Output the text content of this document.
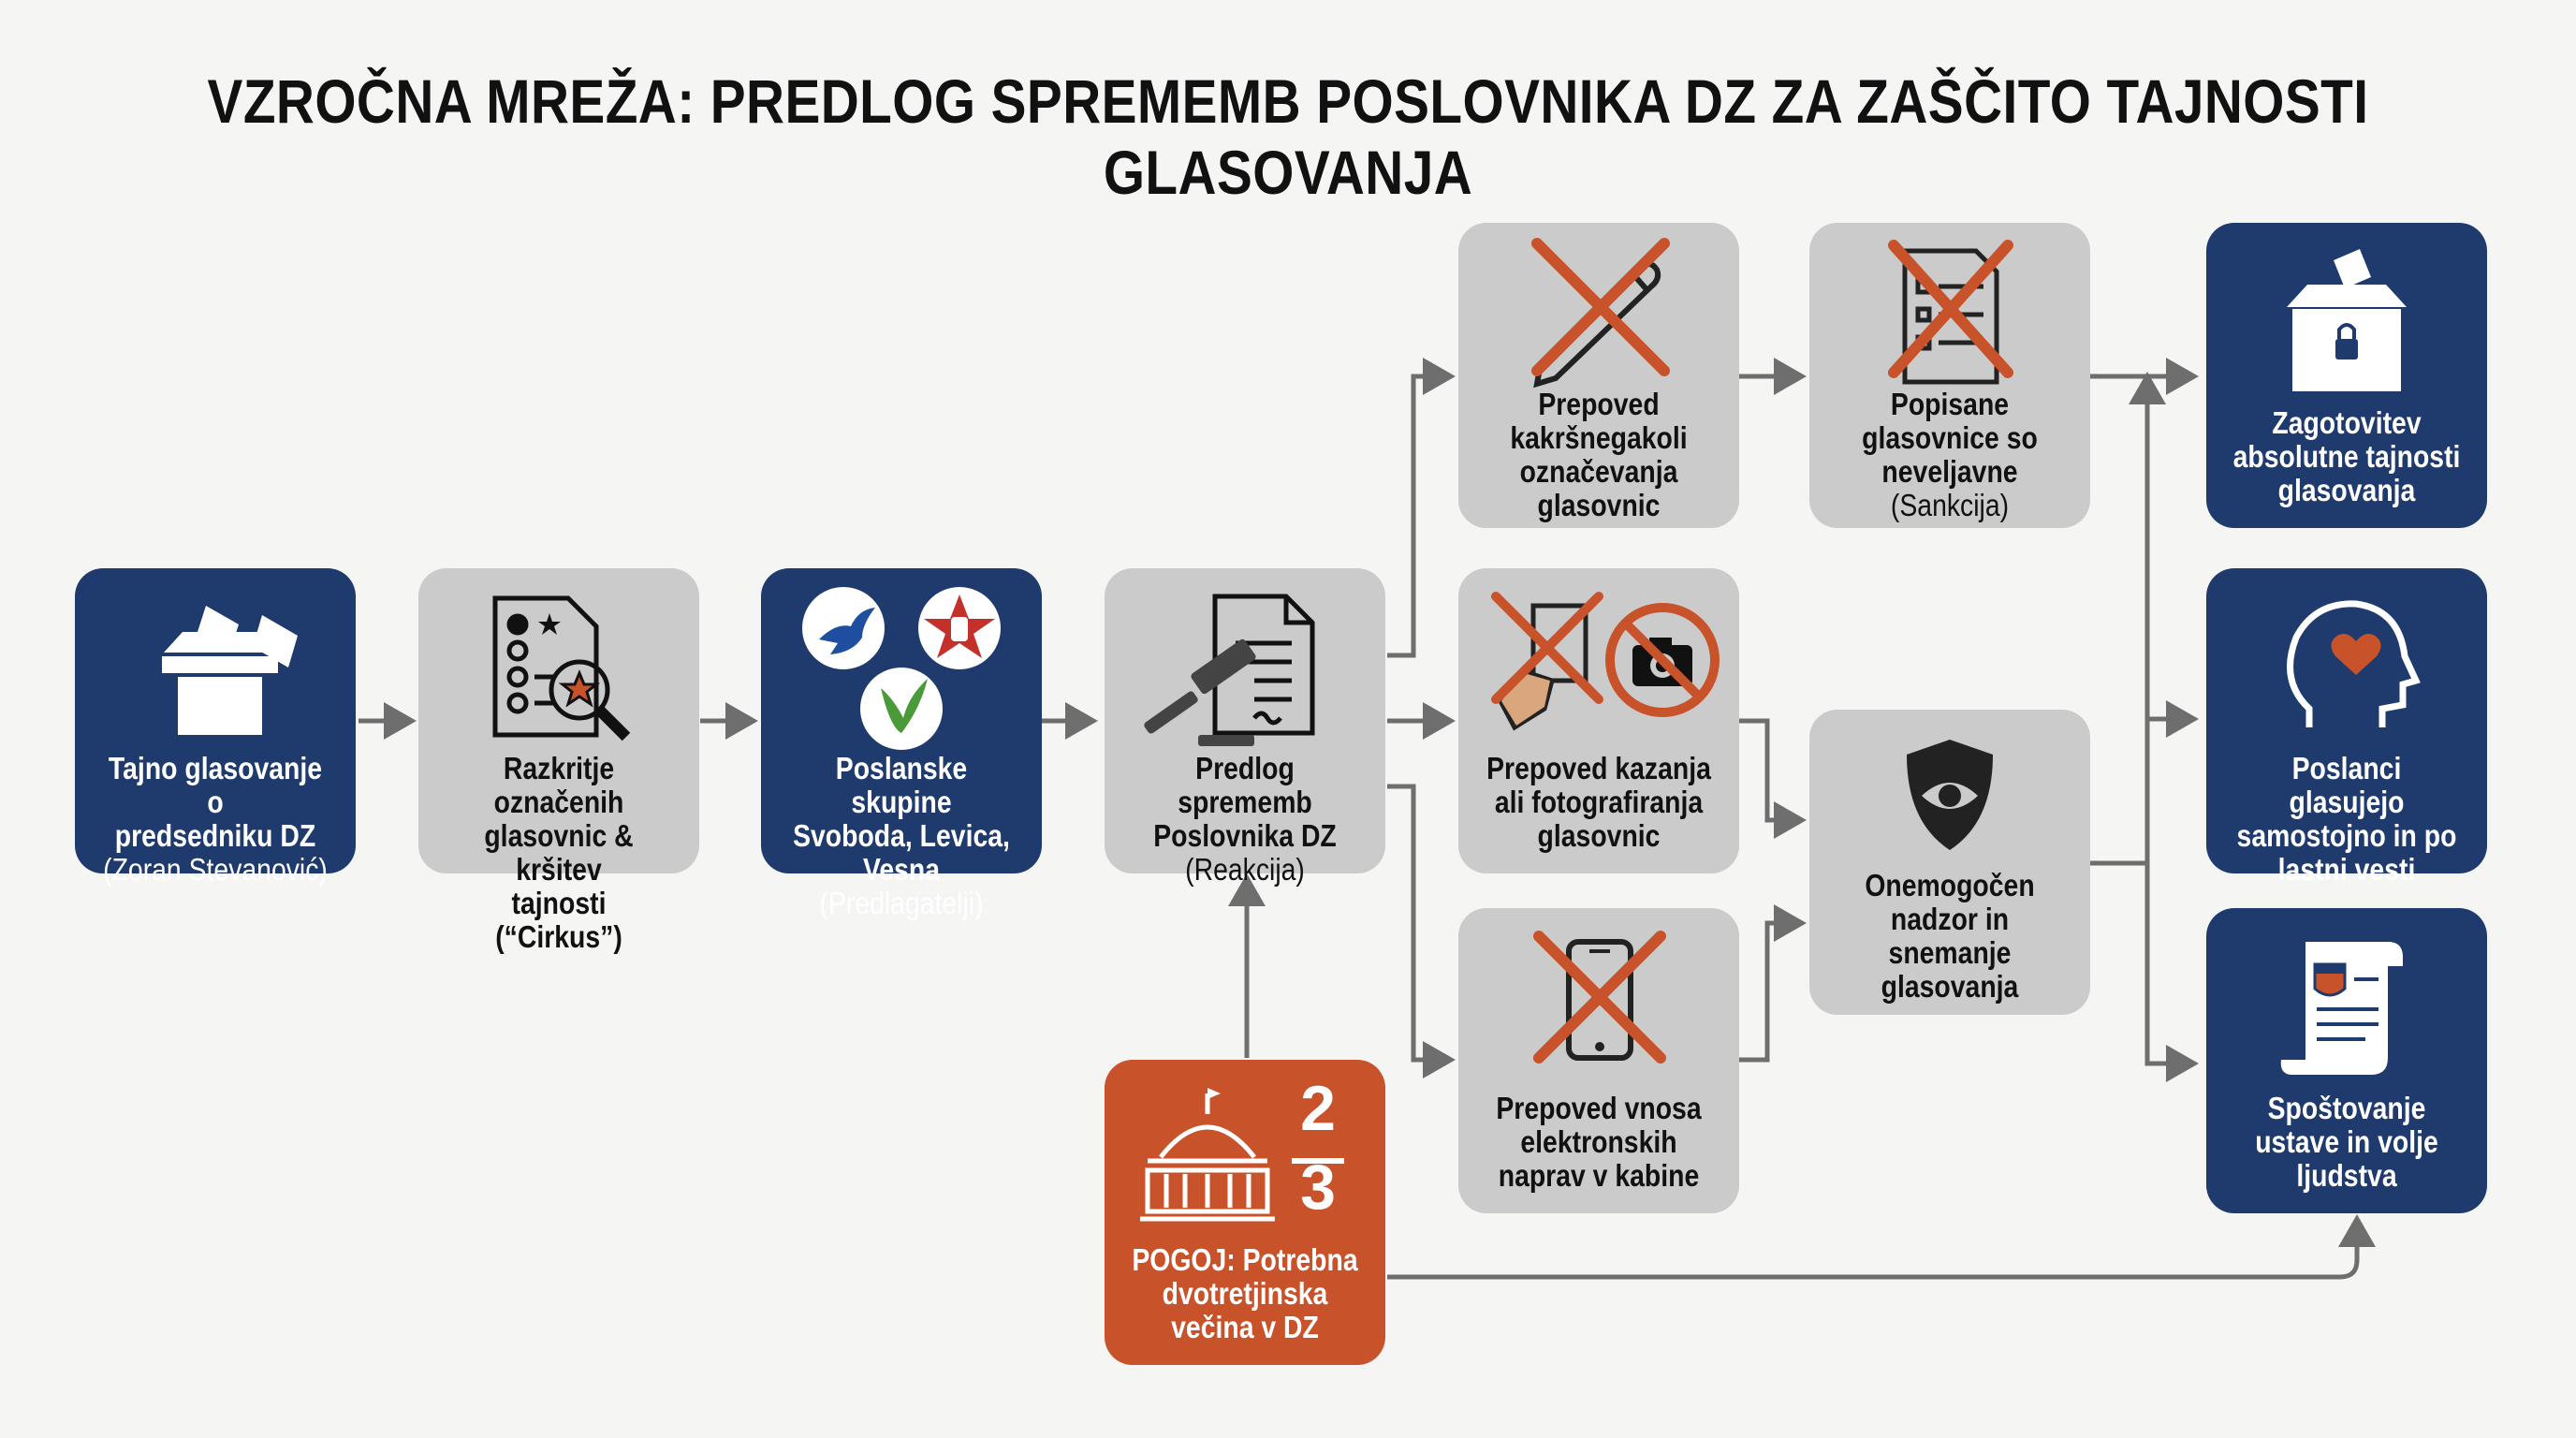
VZROČNA MREŽA: PREDLOG SPREMEMB POSLOVNIKA DZ ZA ZAŠČITO TAJNOSTI GLASOVANJA
Tajno glasovanje o
predsedniku DZ
(Zoran Stevanović)
Razkritje označenih
glasovnic & kršitev
tajnosti (“Cirkus”)
Poslanske skupine
Svoboda, Levica,
Vesna (Predlagatelji)
Predlog sprememb
Poslovnika DZ
(Reakcija)
2
3
POGOJ: Potrebna
dvotretjinska
večina v DZ
Prepoved
kakršnegakoli
označevanja
glasovnic
Prepoved kazanja
ali fotografiranja
glasovnic
Prepoved vnosa
elektronskih
naprav v kabine
Popisane
glasovnice so
neveljavne
(Sankcija)
Onemogočen
nadzor in
snemanje
glasovanja
Zagotovitev
absolutne tajnosti
glasovanja
Poslanci glasujejo
samostojno in po
lastni vesti
Spoštovanje
ustave in volje
ljudstva
